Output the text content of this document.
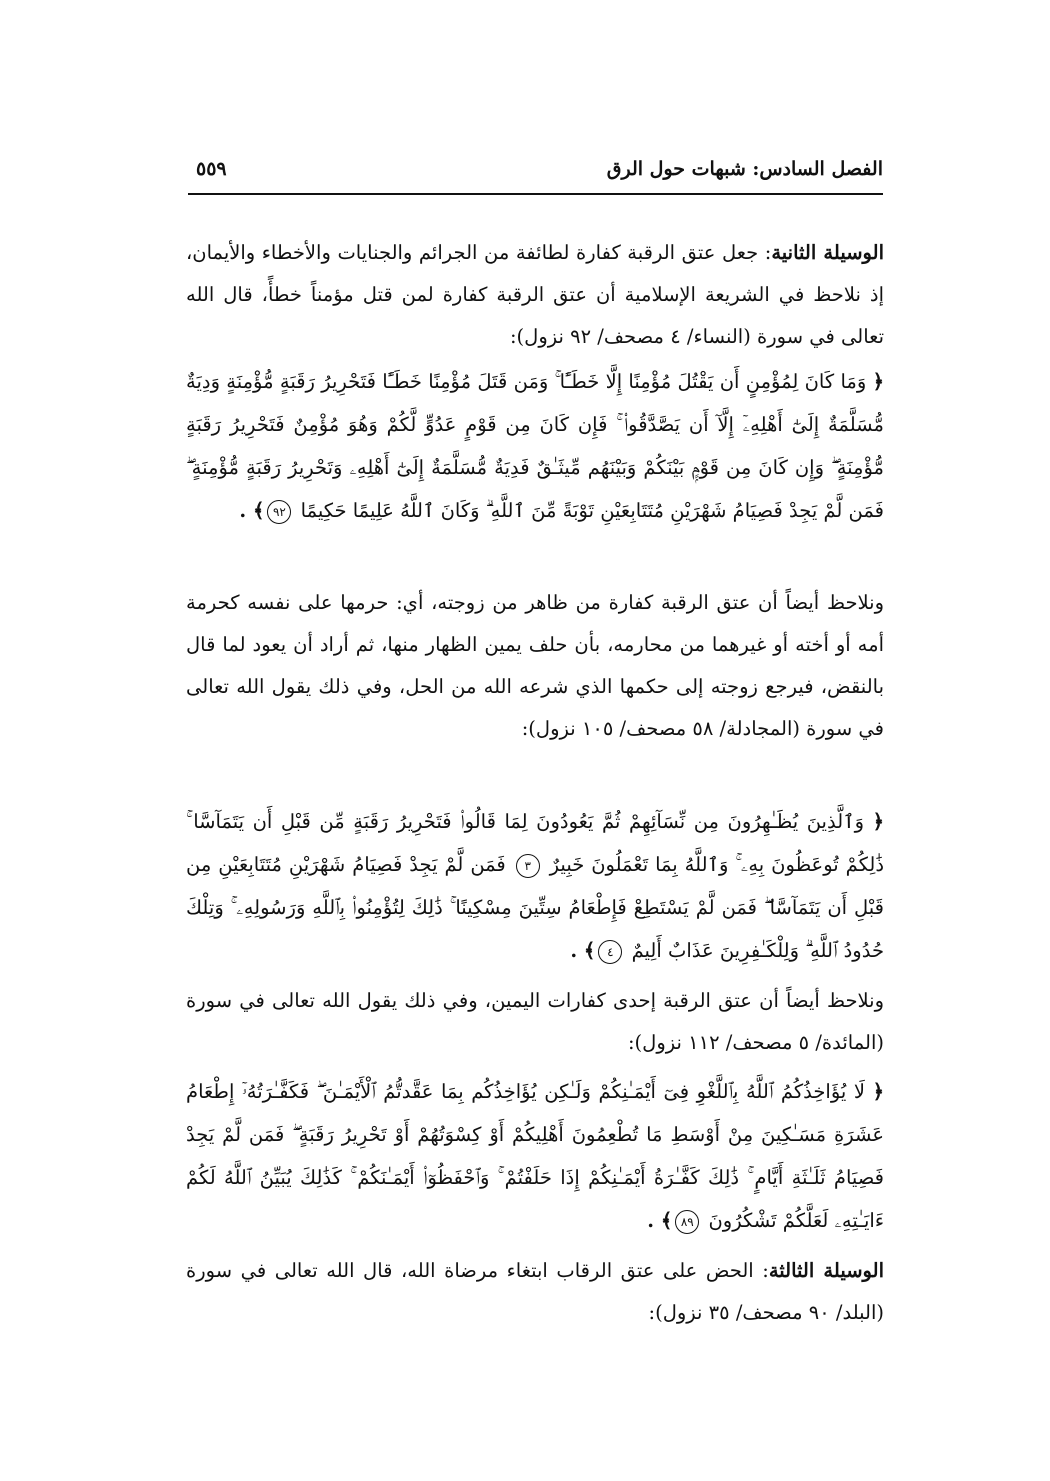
الفصل السادس: شبهات حول الرق
٥٥٩

الوسيلة الثانية: جعل عتق الرقبة كفارة لطائفة من الجرائم والجنايات والأخطاء والأيمان، إذ نلاحظ في الشريعة الإسلامية أن عتق الرقبة كفارة لمن قتل مؤمناً خطأً، قال الله تعالى في سورة (النساء/ ٤ مصحف/ ٩٢ نزول):

﴿ وَمَا كَانَ لِمُؤْمِنٍ أَن يَقْتُلَ مُؤْمِنًا إِلَّا خَطَـًٔا ۚ وَمَن قَتَلَ مُؤْمِنًا خَطَـًٔا فَتَحْرِيرُ رَقَبَةٍ مُّؤْمِنَةٍ وَدِيَةٌ مُّسَلَّمَةٌ إِلَىٰٓ أَهْلِهِۦٓ إِلَّآ أَن يَصَّدَّقُوا۟ ۚ فَإِن كَانَ مِن قَوْمٍ عَدُوٍّ لَّكُمْ وَهُوَ مُؤْمِنٌ فَتَحْرِيرُ رَقَبَةٍ مُّؤْمِنَةٍ ۖ وَإِن كَانَ مِن قَوْمٍۭ بَيْنَكُمْ وَبَيْنَهُم مِّيثَـٰقٌ فَدِيَةٌ مُّسَلَّمَةٌ إِلَىٰٓ أَهْلِهِۦ وَتَحْرِيرُ رَقَبَةٍ مُّؤْمِنَةٍ ۖ فَمَن لَّمْ يَجِدْ فَصِيَامُ شَهْرَيْنِ مُتَتَابِعَيْنِ تَوْبَةً مِّنَ ٱللَّهِ ۗ وَكَانَ ٱللَّهُ عَلِيمًا حَكِيمًا ٩٢﴾ .

ونلاحظ أيضاً أن عتق الرقبة كفارة من ظاهر من زوجته، أي: حرمها على نفسه كحرمة أمه أو أخته أو غيرهما من محارمه، بأن حلف يمين الظهار منها، ثم أراد أن يعود لما قال بالنقض، فيرجع زوجته إلى حكمها الذي شرعه الله من الحل، وفي ذلك يقول الله تعالى في سورة (المجادلة/ ٥٨ مصحف/ ١٠٥ نزول):

﴿ وَٱلَّذِينَ يُظَـٰهِرُونَ مِن نِّسَآئِهِمْ ثُمَّ يَعُودُونَ لِمَا قَالُوا۟ فَتَحْرِيرُ رَقَبَةٍ مِّن قَبْلِ أَن يَتَمَآسَّا ۚ ذَٰلِكُمْ تُوعَظُونَ بِهِۦ ۚ وَٱللَّهُ بِمَا تَعْمَلُونَ خَبِيرٌ ٣ فَمَن لَّمْ يَجِدْ فَصِيَامُ شَهْرَيْنِ مُتَتَابِعَيْنِ مِن قَبْلِ أَن يَتَمَآسَّا ۖ فَمَن لَّمْ يَسْتَطِعْ فَإِطْعَامُ سِتِّينَ مِسْكِينًا ۚ ذَٰلِكَ لِتُؤْمِنُوا۟ بِٱللَّهِ وَرَسُولِهِۦ ۚ وَتِلْكَ حُدُودُ ٱللَّهِ ۗ وَلِلْكَـٰفِرِينَ عَذَابٌ أَلِيمٌ ٤﴾ .

ونلاحظ أيضاً أن عتق الرقبة إحدى كفارات اليمين، وفي ذلك يقول الله تعالى في سورة (المائدة/ ٥ مصحف/ ١١٢ نزول):

﴿ لَا يُؤَاخِذُكُمُ ٱللَّهُ بِٱللَّغْوِ فِىٓ أَيْمَـٰنِكُمْ وَلَـٰكِن يُؤَاخِذُكُم بِمَا عَقَّدتُّمُ ٱلْأَيْمَـٰنَ ۖ فَكَفَّـٰرَتُهُۥٓ إِطْعَامُ عَشَرَةِ مَسَـٰكِينَ مِنْ أَوْسَطِ مَا تُطْعِمُونَ أَهْلِيكُمْ أَوْ كِسْوَتُهُمْ أَوْ تَحْرِيرُ رَقَبَةٍ ۖ فَمَن لَّمْ يَجِدْ فَصِيَامُ ثَلَـٰثَةِ أَيَّامٍ ۚ ذَٰلِكَ كَفَّـٰرَةُ أَيْمَـٰنِكُمْ إِذَا حَلَفْتُمْ ۚ وَٱحْفَظُوٓا۟ أَيْمَـٰنَكُمْ ۚ كَذَٰلِكَ يُبَيِّنُ ٱللَّهُ لَكُمْ ءَايَـٰتِهِۦ لَعَلَّكُمْ تَشْكُرُونَ ٨٩﴾ .

الوسيلة الثالثة: الحض على عتق الرقاب ابتغاء مرضاة الله، قال الله تعالى في سورة (البلد/ ٩٠ مصحف/ ٣٥ نزول):
